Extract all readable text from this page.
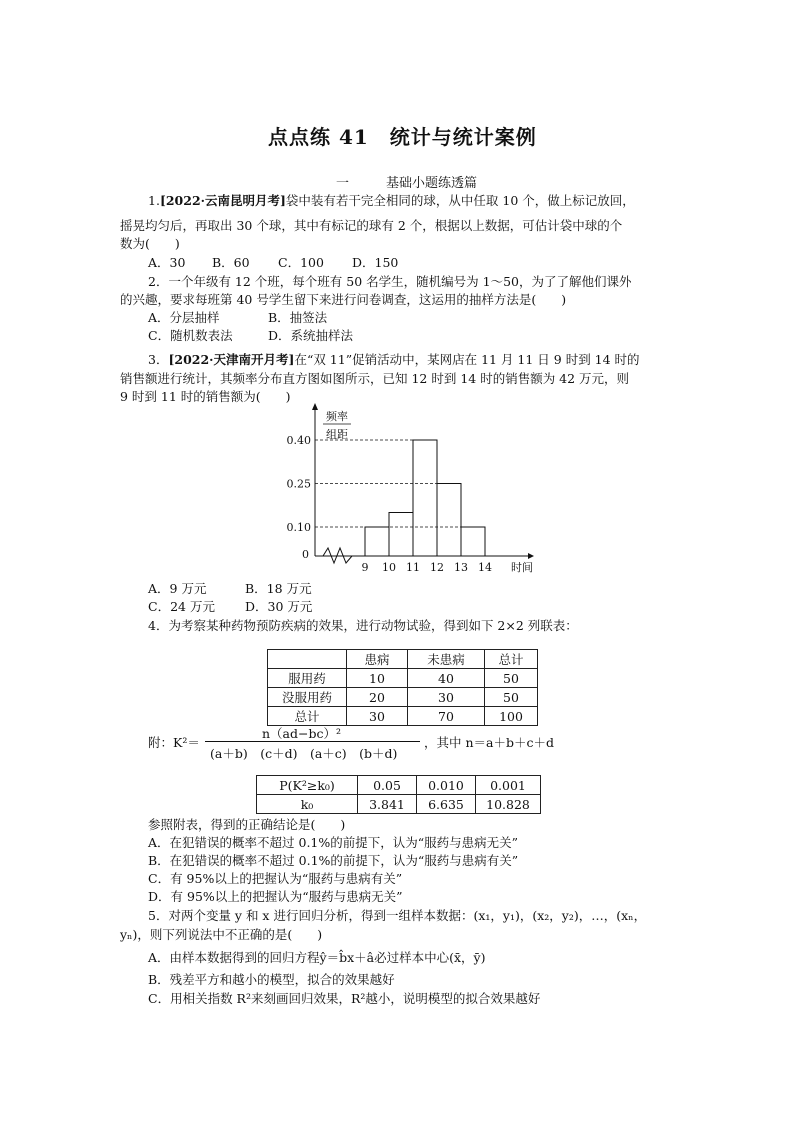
点点练 41　统计与统计案例
一	基础小题练透篇
1.[2022·云南昆明月考]袋中装有若干完全相同的球，从中任取 10 个，做上标记放回，
摇晃均匀后，再取出 30 个球，其中有标记的球有 2 个，根据以上数据，可估计袋中球的个
数为(　　)
A．30 B．60 C．100 D．150
2．一个年级有 12 个班，每个班有 50 名学生，随机编号为 1～50，为了了解他们课外
的兴趣，要求每班第 40 号学生留下来进行问卷调查，这运用的抽样方法是(　　)
A．分层抽样	B．抽签法
C．随机数表法	D．系统抽样法
3．[2022·天津南开月考]在“双 11”促销活动中，某网店在 11 月 11 日 9 时到 14 时的
销售额进行统计，其频率分布直方图如图所示，已知 12 时到 14 时的销售额为 42 万元，则
9 时到 11 时的销售额为(　　)
频率
组距
0
0.10
0.25
0.40
9 10 11 12 13 14 时间
A．9 万元	B．18 万元
C．24 万元 D．30 万元
4．为考察某种药物预防疾病的效果，进行动物试验，得到如下 2×2 列联表：
	患病	未患病	总计
服用药	10	40	50
没服用药	20	30	50
总计	30	70	100
附：K²＝
n（ad−bc）²
(a＋b)　(c＋d)　(a＋c)　(b＋d)
，其中 n＝a＋b＋c＋d
P(K²≥k₀)	0.05	0.010	0.001
k₀	3.841	6.635	10.828
参照附表，得到的正确结论是(　　)
A．在犯错误的概率不超过 0.1%的前提下，认为“服药与患病无关”
B．在犯错误的概率不超过 0.1%的前提下，认为“服药与患病有关”
C．有 95%以上的把握认为“服药与患病有关”
D．有 95%以上的把握认为“服药与患病无关”
5．对两个变量 y 和 x 进行回归分析，得到一组样本数据：(x₁，y₁)，(x₂，y₂)，…，(xₙ，
yₙ)，则下列说法中不正确的是(　　)
A．由样本数据得到的回归方程ŷ＝b̂x＋â必过样本中心(x̄，ȳ)
B．残差平方和越小的模型，拟合的效果越好
C．用相关指数 R²来刻画回归效果，R²越小，说明模型的拟合效果越好
